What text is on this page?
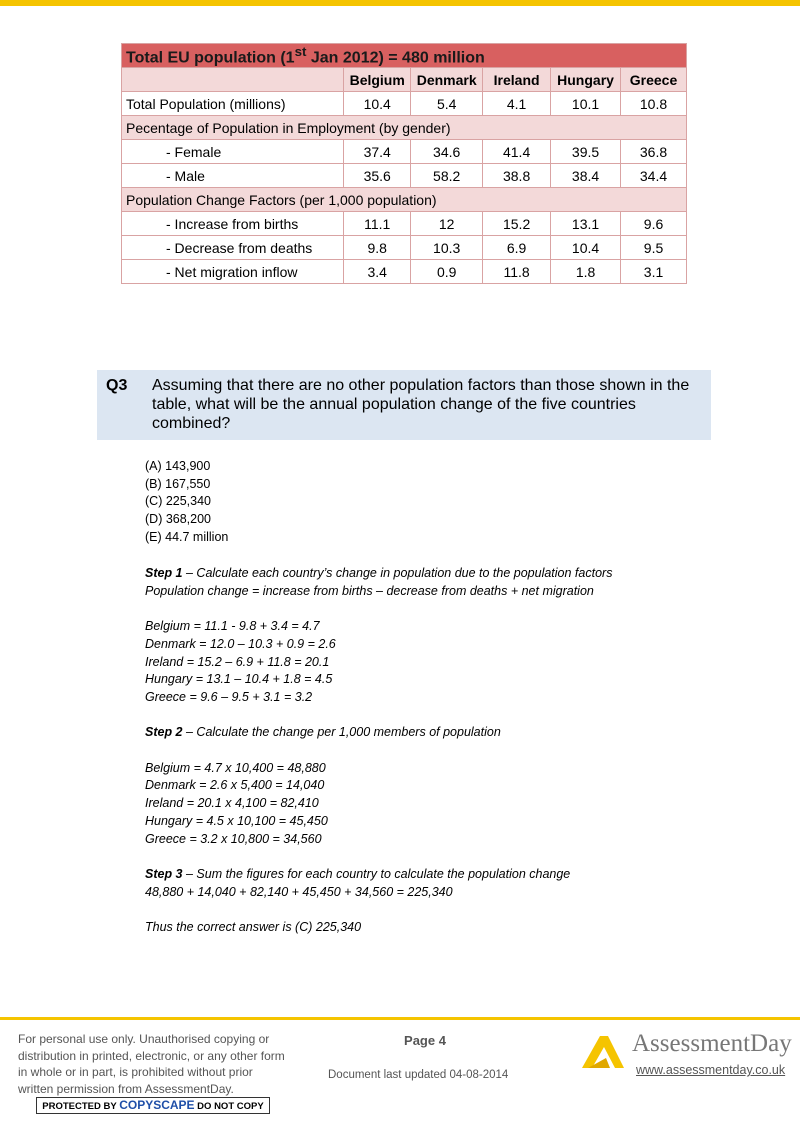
Total EU population (1st Jan 2012) = 480 million					
	Belgium	Denmark	Ireland	Hungary	Greece
Total Population (millions)	10.4	5.4	4.1	10.1	10.8
Pecentage of Population in Employment (by gender)					
- Female	37.4	34.6	41.4	39.5	36.8
- Male	35.6	58.2	38.8	38.4	34.4
Population Change Factors (per 1,000 population)					
- Increase from births	11.1	12	15.2	13.1	9.6
- Decrease from deaths	9.8	10.3	6.9	10.4	9.5
- Net migration inflow	3.4	0.9	11.8	1.8	3.1
Q3 Assuming that there are no other population factors than those shown in the table, what will be the annual population change of the five countries combined?
(A) 143,900
(B) 167,550
(C) 225,340
(D) 368,200
(E) 44.7 million

Step 1 – Calculate each country’s change in population due to the population factors

Population change = increase from births – decrease from deaths + net migration

Belgium = 11.1 - 9.8 + 3.4 = 4.7

Denmark = 12.0 – 10.3 + 0.9 = 2.6

Ireland = 15.2 – 6.9 + 11.8 = 20.1

Hungary = 13.1 – 10.4 + 1.8 = 4.5

Greece = 9.6 – 9.5 + 3.1 = 3.2

Step 2 – Calculate the change per 1,000 members of population

Belgium = 4.7 x 10,400 = 48,880

Denmark = 2.6 x 5,400 = 14,040

Ireland = 20.1 x 4,100 = 82,410

Hungary = 4.5 x 10,100 = 45,450

Greece = 3.2 x 10,800 = 34,560

Step 3 – Sum the figures for each country to calculate the population change

48,880 + 14,040 + 82,140 + 45,450 + 34,560 = 225,340

Thus the correct answer is (C) 225,340

For personal use only. Unauthorised copying or distribution in printed, electronic, or any other form in whole or in part, is prohibited without prior written permission from AssessmentDay.
PROTECTED BY COPYSCAPE DO NOT COPY
Page 4
Document last updated 04-08-2014
AssessmentDay
www.assessmentday.co.uk
